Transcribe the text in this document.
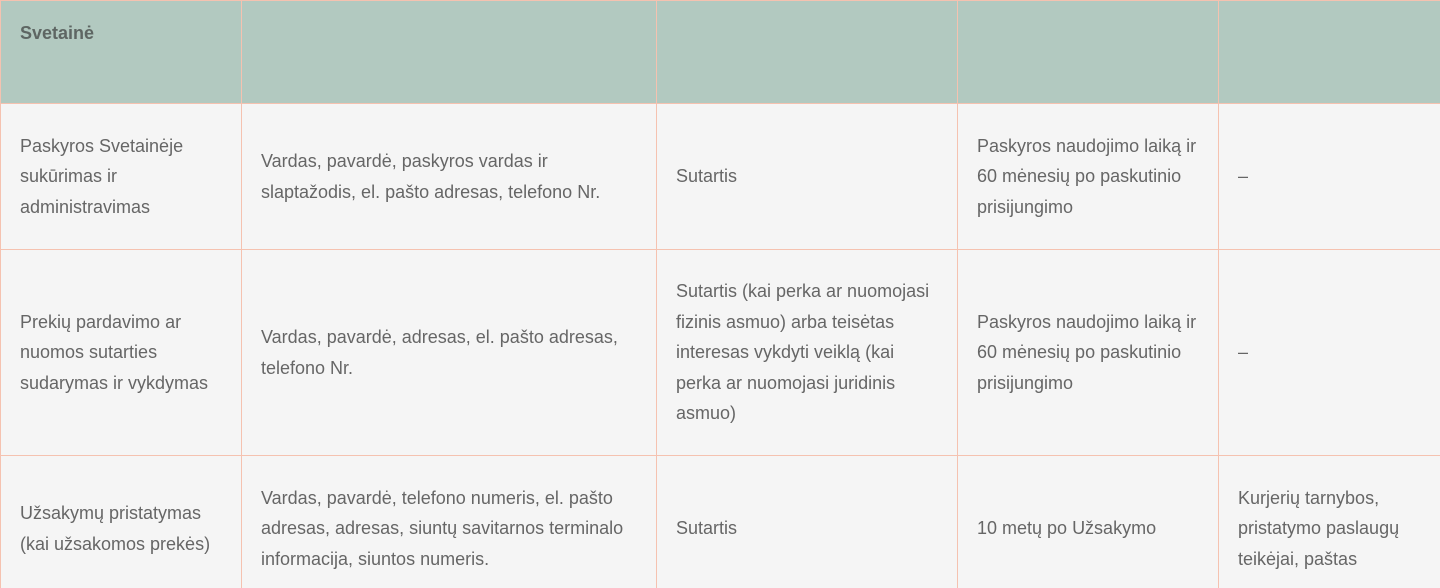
Svetainė				

Paskyros Svetainėje sukūrimas ir administravimas	Vardas, pavardė, paskyros vardas ir slaptažodis, el. pašto adresas, telefono Nr.	Sutartis	Paskyros naudojimo laiką ir 60 mėnesių po paskutinio prisijungimo	–

Prekių pardavimo ar nuomos sutarties sudarymas ir vykdymas	Vardas, pavardė, adresas, el. pašto adresas, telefono Nr.	Sutartis (kai perka ar nuomojasi fizinis asmuo) arba teisėtas interesas vykdyti veiklą (kai perka ar nuomojasi juridinis asmuo)	Paskyros naudojimo laiką ir 60 mėnesių po paskutinio prisijungimo	–

Užsakymų pristatymas (kai užsakomos prekės)	Vardas, pavardė, telefono numeris, el. pašto adresas, adresas, siuntų savitarnos terminalo informacija, siuntos numeris.	Sutartis	10 metų po Užsakymo	Kurjerių tarnybos, pristatymo paslaugų teikėjai, paštas
